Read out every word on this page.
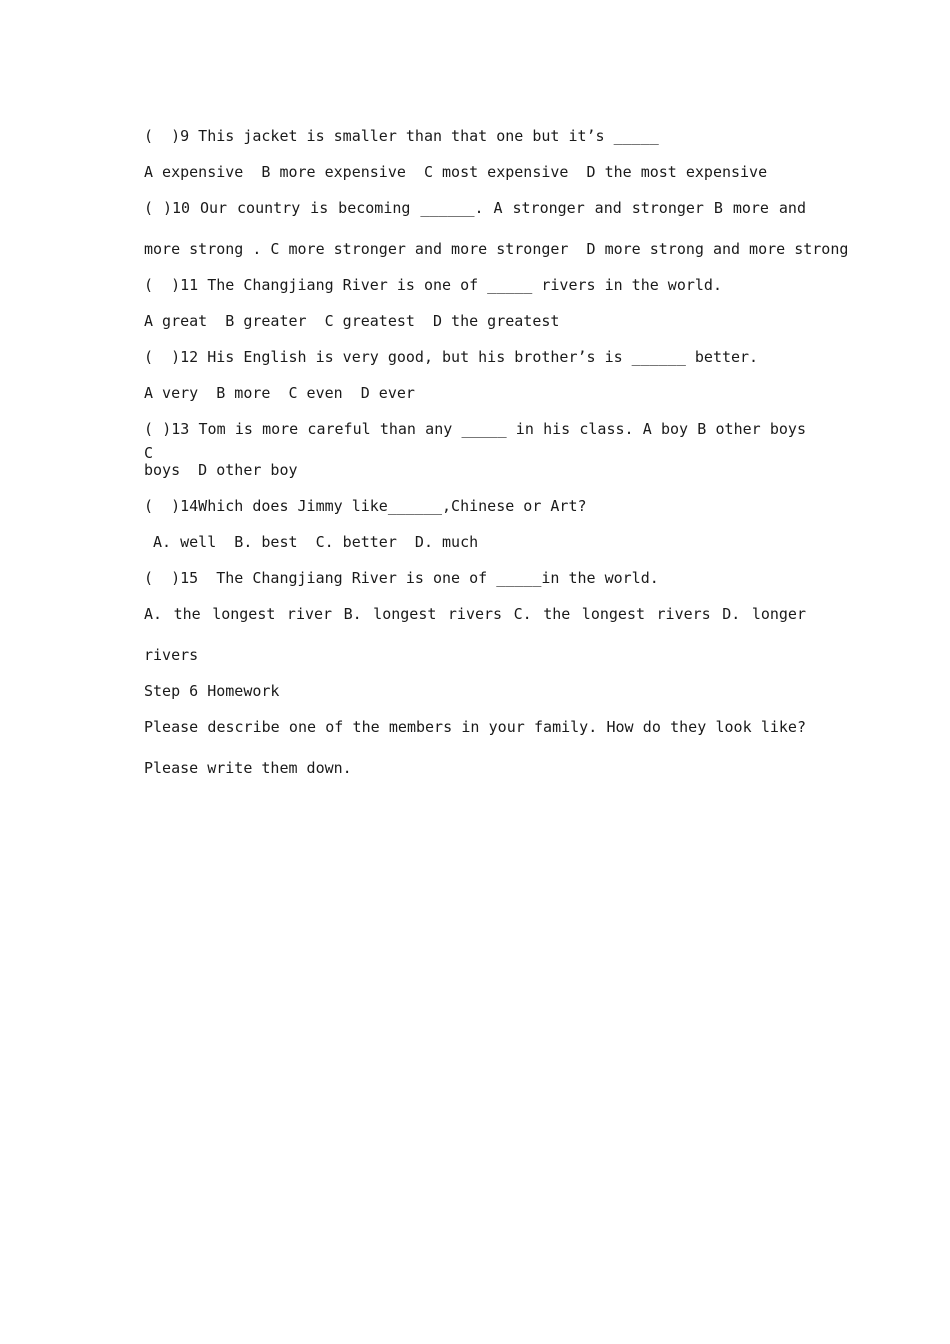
(  )9 This jacket is smaller than that one but it’s _____
A expensive  B more expensive  C most expensive  D the most expensive
( )10 Our country is becoming ______. A stronger and stronger B more and
more strong . C more stronger and more stronger  D more strong and more strong
(  )11 The Changjiang River is one of _____ rivers in the world.
A great  B greater  C greatest  D the greatest
(  )12 His English is very good, but his brother’s is ______ better.
A very  B more  C even  D ever
( )13 Tom is more careful than any _____ in his class. A boy B other boys C
boys  D other boy
(  )14Which does Jimmy like______,Chinese or Art?
A. well  B. best  C. better  D. much
(  )15  The Changjiang River is one of _____in the world.
A. the longest river B. longest rivers C. the longest rivers D. longer
rivers
Step 6 Homework
Please describe one of the members in your family. How do they look like?
Please write them down.
